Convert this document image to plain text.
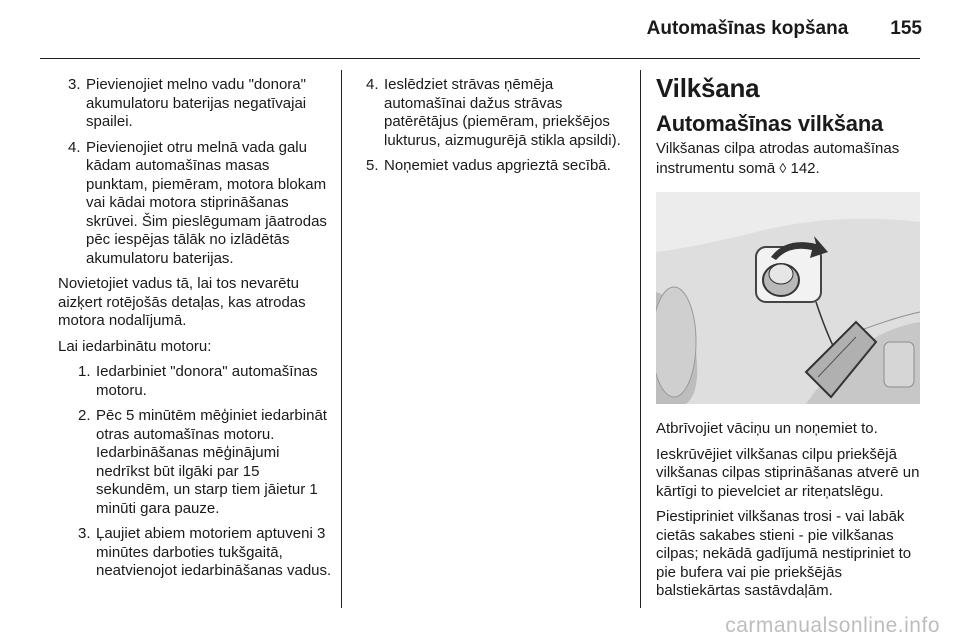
Automašīnas kopšana 155
3. Pievienojiet melno vadu "donora" akumulatoru baterijas negatīvajai spailei.
4. Pievienojiet otru melnā vada galu kādam automašīnas masas punktam, piemēram, motora blokam vai kādai motora stiprināšanas skrūvei. Šim pieslēgumam jāatrodas pēc iespējas tālāk no izlādētās akumulatoru baterijas.

Novietojiet vadus tā, lai tos nevarētu aizķert rotējošās detaļas, kas atrodas motora nodalījumā.

Lai iedarbinātu motoru:

1. Iedarbiniet "donora" automašīnas motoru.
2. Pēc 5 minūtēm mēģiniet iedarbināt otras automašīnas motoru. Iedarbināšanas mēģinājumi nedrīkst būt ilgāki par 15 sekundēm, un starp tiem jāietur 1 minūti gara pauze.
3. Ļaujiet abiem motoriem aptuveni 3 minūtes darboties tukšgaitā, neatvienojot iedarbināšanas vadus.
4. Ieslēdziet strāvas ņēmēja automašīnai dažus strāvas patērētājus (piemēram, priekšējos lukturus, aizmugurējā stikla apsildi).
5. Noņemiet vadus apgrieztā secībā.
Vilkšana
Automašīnas vilkšana

Vilkšanas cilpa atrodas automašīnas instrumentu somā ◊ 142.

Atbrīvojiet vāciņu un noņemiet to.

Ieskrūvējiet vilkšanas cilpu priekšējā vilkšanas cilpas stiprināšanas atverē un kārtīgi to pievelciet ar riteņatslēgu.

Piestipriniet vilkšanas trosi - vai labāk cietās sakabes stieni - pie vilkšanas cilpas; nekādā gadījumā nestipriniet to pie bufera vai pie priekšējās balstiekārtas sastāvdaļām.

carmanualsonline.info
